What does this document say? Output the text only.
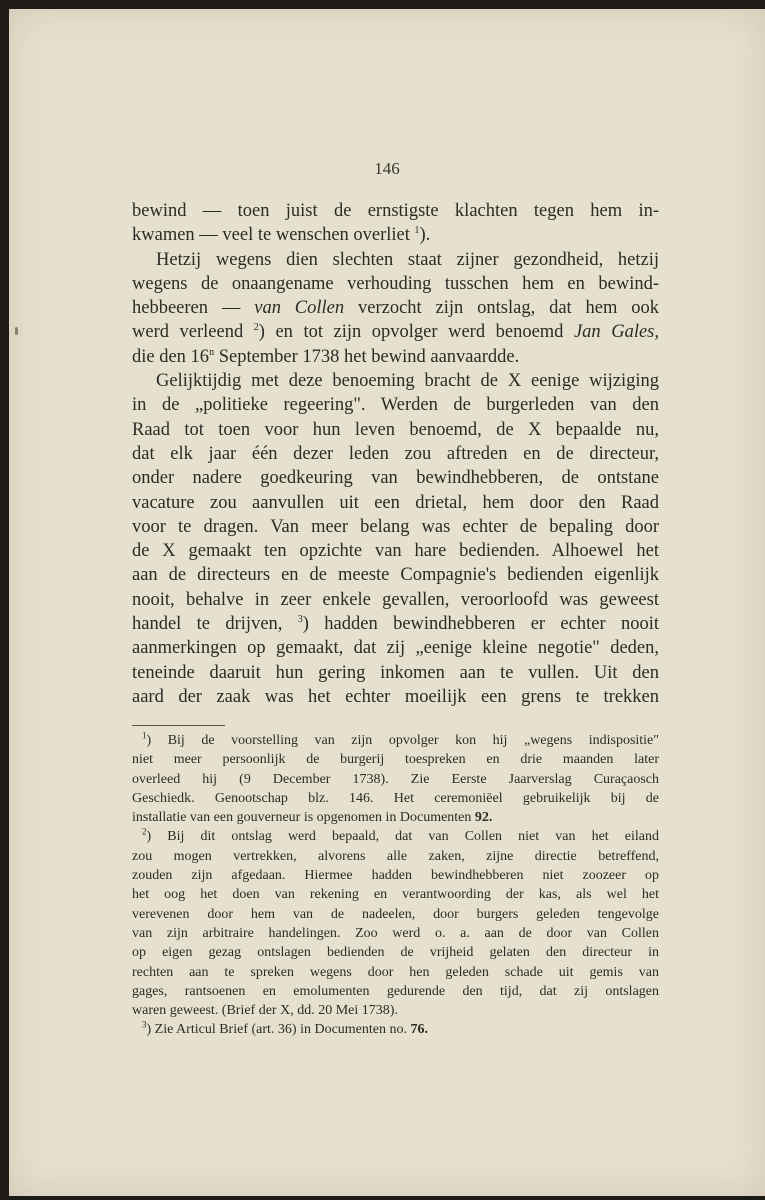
146

bewind — toen juist de ernstigste klachten tegen hem in-

kwamen — veel te wenschen overliet $^1$).

Hetzij wegens dien slechten staat zijner gezondheid, hetzij

wegens de onaangename verhouding tusschen hem en bewind-

hebbeeren — van Collen verzocht zijn ontslag, dat hem ook

werd verleend $^2$) en tot zijn opvolger werd benoemd Jan Gales,

die den 16$^n$ September 1738 het bewind aanvaardde.

Gelijktijdig met deze benoeming bracht de X eenige wijziging

in de „politieke regeering". Werden de burgerleden van den

Raad tot toen voor hun leven benoemd, de X bepaalde nu,

dat elk jaar één dezer leden zou aftreden en de directeur,

onder nadere goedkeuring van bewindhebberen, de ontstane

vacature zou aanvullen uit een drietal, hem door den Raad

voor te dragen. Van meer belang was echter de bepaling door

de X gemaakt ten opzichte van hare bedienden. Alhoewel het

aan de directeurs en de meeste Compagnie's bedienden eigenlijk

nooit, behalve in zeer enkele gevallen, veroorloofd was geweest

handel te drijven, $^3$) hadden bewindhebberen er echter nooit

aanmerkingen op gemaakt, dat zij „eenige kleine negotie" deden,

teneinde daaruit hun gering inkomen aan te vullen. Uit den

aard der zaak was het echter moeilijk een grens te trekken

$^1$) Bij de voorstelling van zijn opvolger kon hij „wegens indispositie"

niet meer persoonlijk de burgerij toespreken en drie maanden later

overleed hij (9 December 1738). Zie Eerste Jaarverslag Curaçaosch

Geschiedk. Genootschap blz. 146. Het ceremoniëel gebruikelijk bij de

installatie van een gouverneur is opgenomen in Documenten 92.

$^2$) Bij dit ontslag werd bepaald, dat van Collen niet van het eiland

zou mogen vertrekken, alvorens alle zaken, zijne directie betreffend,

zouden zijn afgedaan. Hiermee hadden bewindhebberen niet zoozeer op

het oog het doen van rekening en verantwoording der kas, als wel het

verevenen door hem van de nadeelen, door burgers geleden tengevolge

van zijn arbitraire handelingen. Zoo werd o. a. aan de door van Collen

op eigen gezag ontslagen bedienden de vrijheid gelaten den directeur in

rechten aan te spreken wegens door hen geleden schade uit gemis van

gages, rantsoenen en emolumenten gedurende den tijd, dat zij ontslagen

waren geweest. (Brief der X, dd. 20 Mei 1738).

$^3$) Zie Articul Brief (art. 36) in Documenten no. 76.
